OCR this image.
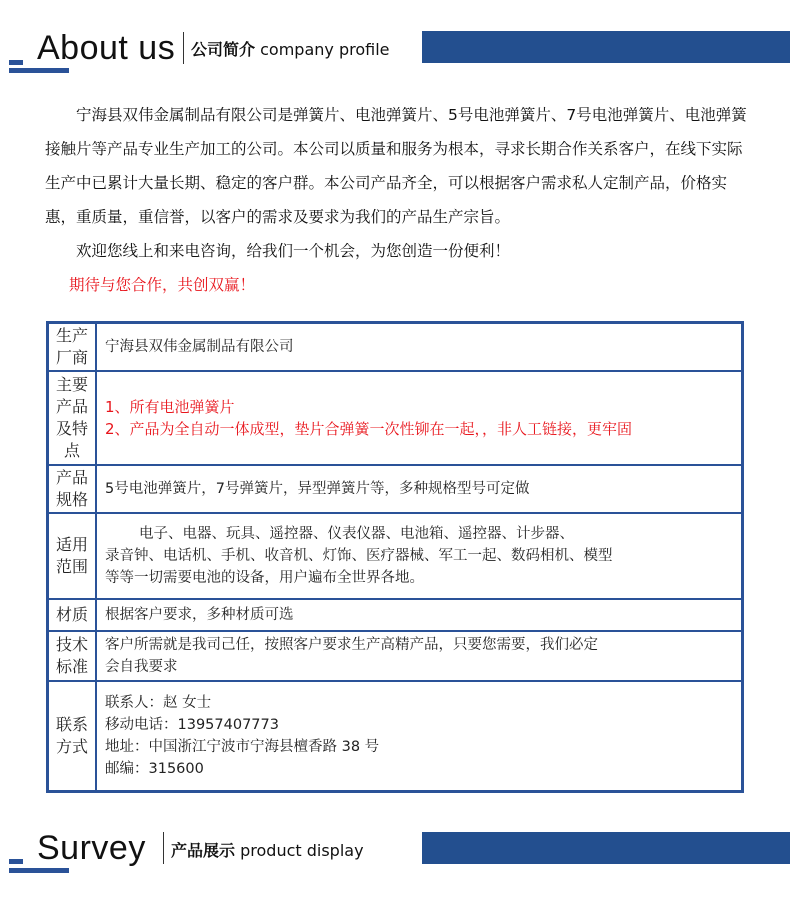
About us 公司简介 company profile

宁海县双伟金属制品有限公司是弹簧片、电池弹簧片、5号电池弹簧片、7号电池弹簧片、电池弹簧接触片等产品专业生产加工的公司。本公司以质量和服务为根本，寻求长期合作关系客户，在线下实际生产中已累计大量长期、稳定的客户群。本公司产品齐全，可以根据客户需求私人定制产品，价格实惠，重质量，重信誉，以客户的需求及要求为我们的产品生产宗旨。

欢迎您线上和来电咨询，给我们一个机会，为您创造一份便利！

期待与您合作，共创双赢！

生产厂商	宁海县双伟金属制品有限公司

主要产品及特点	1、所有电池弹簧片
2、产品为全自动一体成型，垫片合弹簧一次性铆在一起，，非人工链接，更牢固

产品规格	5号电池弹簧片，7号弹簧片，异型弹簧片等，多种规格型号可定做

适用范围	电子、电器、玩具、遥控器、仪表仪器、电池箱、遥控器、计步器、
录音钟、电话机、手机、收音机、灯饰、医疗器械、军工一起、数码相机、模型
等等一切需要电池的设备，用户遍布全世界各地。

材质	根据客户要求，多种材质可选

技术标准	客户所需就是我司己任，按照客户要求生产高精产品，只要您需要，我们必定
会自我要求

联系方式	联系人：赵 女士
移动电话：13957407773
地址：中国浙江宁波市宁海县檀香路 38 号
邮编：315600
Survey 产品展示 product display
